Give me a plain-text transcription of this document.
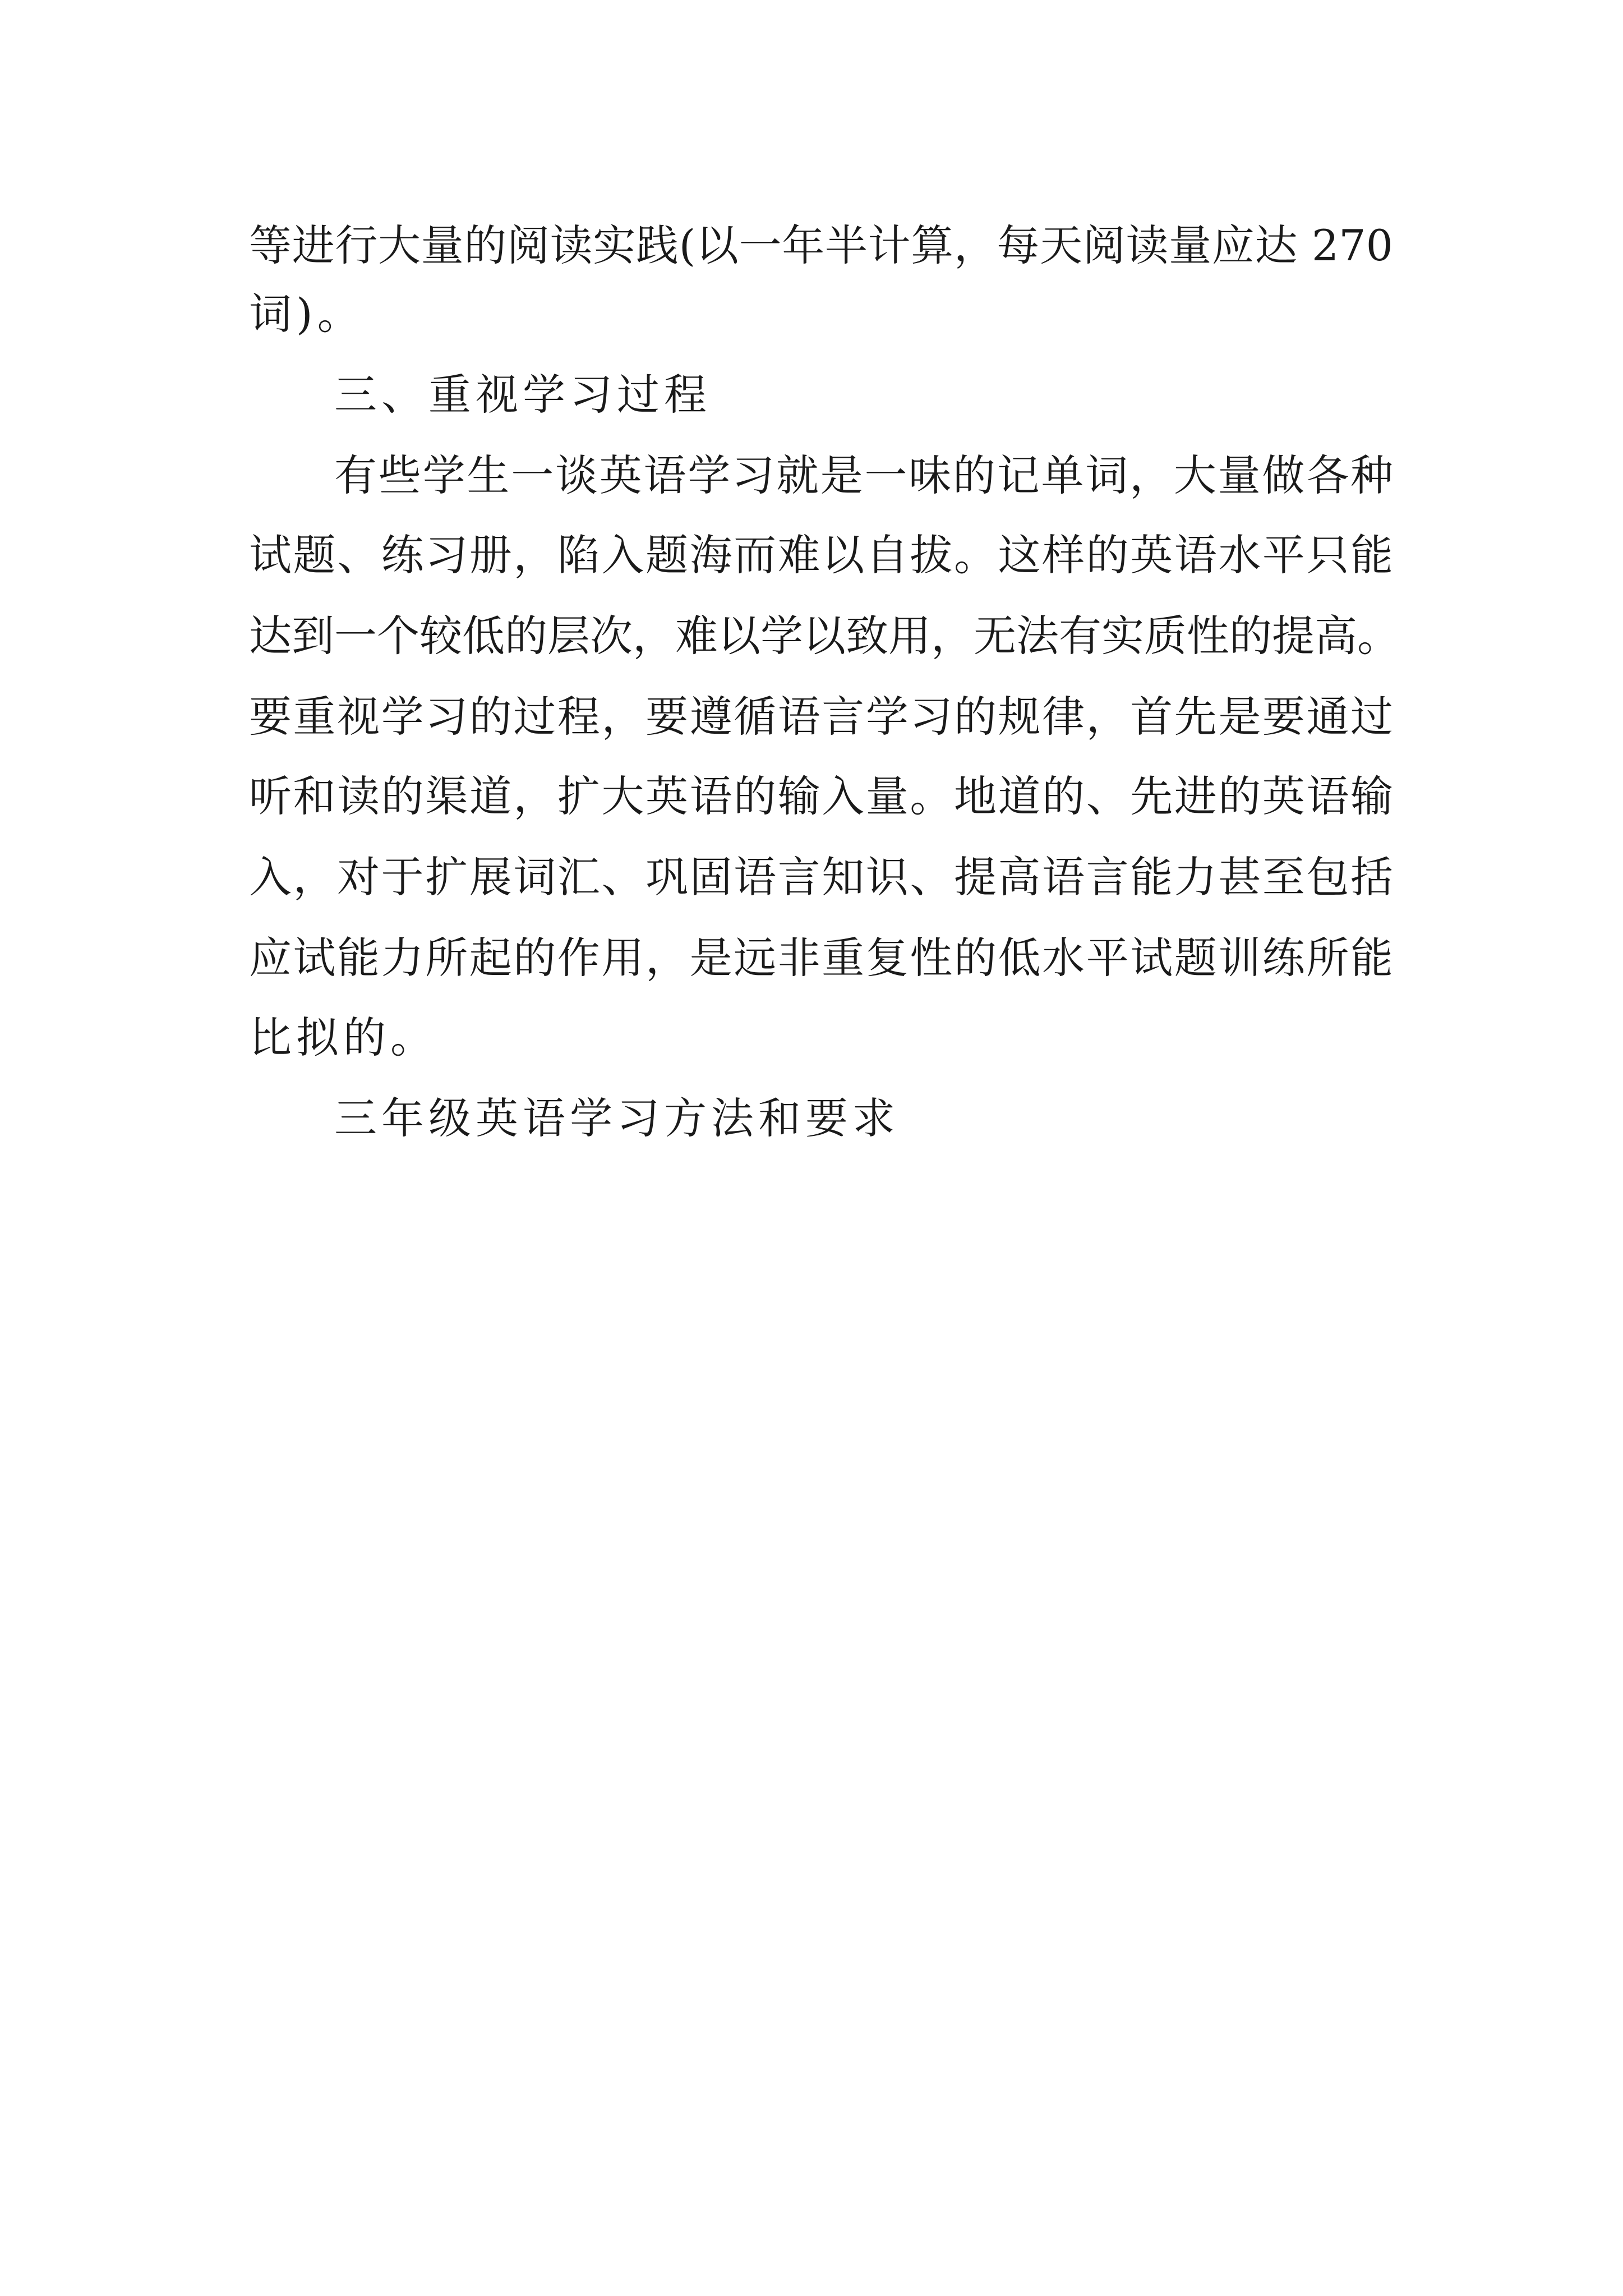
等进行大量的阅读实践(以一年半计算，每天阅读量应达 270
词)。
三、重视学习过程
有些学生一谈英语学习就是一味的记单词，大量做各种
试题、练习册，陷入题海而难以自拔。这样的英语水平只能
达到一个较低的层次，难以学以致用，无法有实质性的提高。
要重视学习的过程，要遵循语言学习的规律，首先是要通过
听和读的渠道，扩大英语的输入量。地道的、先进的英语输
入，对于扩展词汇、巩固语言知识、提高语言能力甚至包括
应试能力所起的作用，是远非重复性的低水平试题训练所能
比拟的。
三年级英语学习方法和要求
